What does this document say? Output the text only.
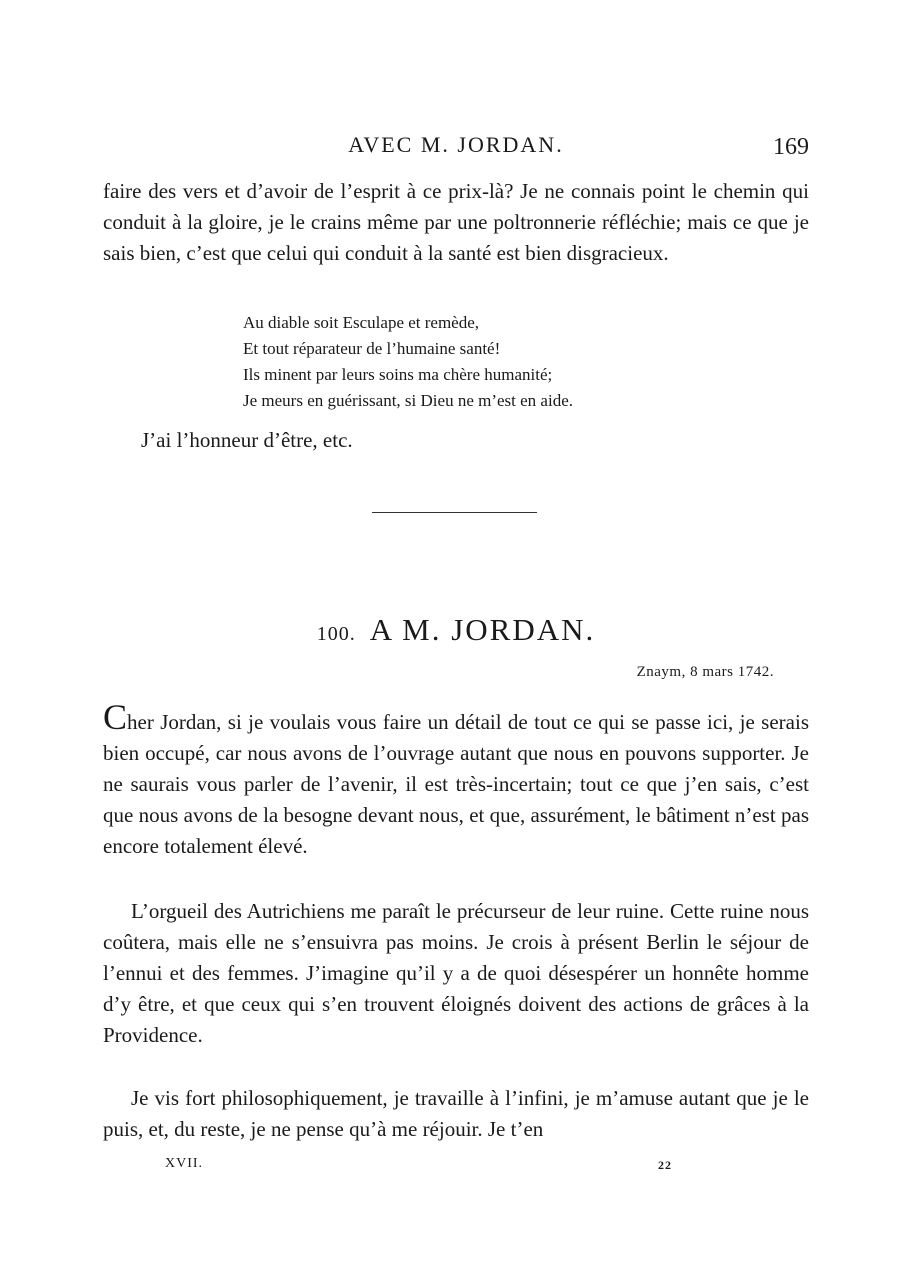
AVEC M. JORDAN.	169

faire des vers et d’avoir de l’esprit à ce prix-là? Je ne connais point le chemin qui conduit à la gloire, je le crains même par une poltronnerie réfléchie; mais ce que je sais bien, c’est que celui qui conduit à la santé est bien disgracieux.

Au diable soit Esculape et remède,
Et tout réparateur de l’humaine santé!
Ils minent par leurs soins ma chère humanité;
Je meurs en guérissant, si Dieu ne m’est en aide.

J’ai l’honneur d’être, etc.

100. A M. JORDAN.
Znaym, 8 mars 1742.

Cher Jordan, si je voulais vous faire un détail de tout ce qui se passe ici, je serais bien occupé, car nous avons de l’ouvrage autant que nous en pouvons supporter. Je ne saurais vous parler de l’avenir, il est très-incertain; tout ce que j’en sais, c’est que nous avons de la besogne devant nous, et que, assurément, le bâtiment n’est pas encore totalement élevé.

L’orgueil des Autrichiens me paraît le précurseur de leur ruine. Cette ruine nous coûtera, mais elle ne s’ensuivra pas moins. Je crois à présent Berlin le séjour de l’ennui et des femmes. J’imagine qu’il y a de quoi désespérer un honnête homme d’y être, et que ceux qui s’en trouvent éloignés doivent des actions de grâces à la Providence.

Je vis fort philosophiquement, je travaille à l’infini, je m’amuse autant que je le puis, et, du reste, je ne pense qu’à me réjouir. Je t’en

XVII.	22
